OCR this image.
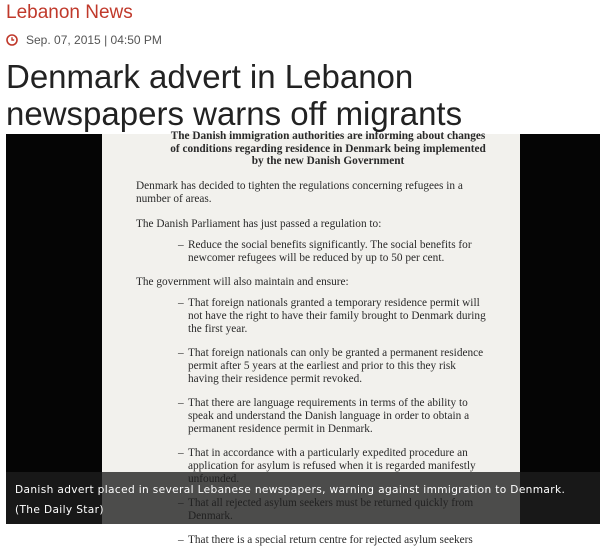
Lebanon News
Sep. 07, 2015 | 04:50 PM
Denmark advert in Lebanon newspapers warns off migrants
The Danish immigration authorities are informing about changes
of conditions regarding residence in Denmark being implemented
by the new Danish Government

Denmark has decided to tighten the regulations concerning refugees in a number of areas.

The Danish Parliament has just passed a regulation to:

– Reduce the social benefits significantly. The social benefits for newcomer refugees will be reduced by up to 50 per cent.

The government will also maintain and ensure:

– That foreign nationals granted a temporary residence permit will not have the right to have their family brought to Denmark during the first year.
– That foreign nationals can only be granted a permanent residence permit after 5 years at the earliest and prior to this they risk having their residence permit revoked.
– That there are language requirements in terms of the ability to speak and understand the Danish language in order to obtain a permanent residence permit in Denmark.
– That in accordance with a particularly expedited procedure an application for asylum is refused when it is regarded manifestly
– That there is a special return centre for rejected asylum seekers
Danish advert placed in several Lebanese newspapers, warning against immigration to Denmark.
(The Daily Star)
